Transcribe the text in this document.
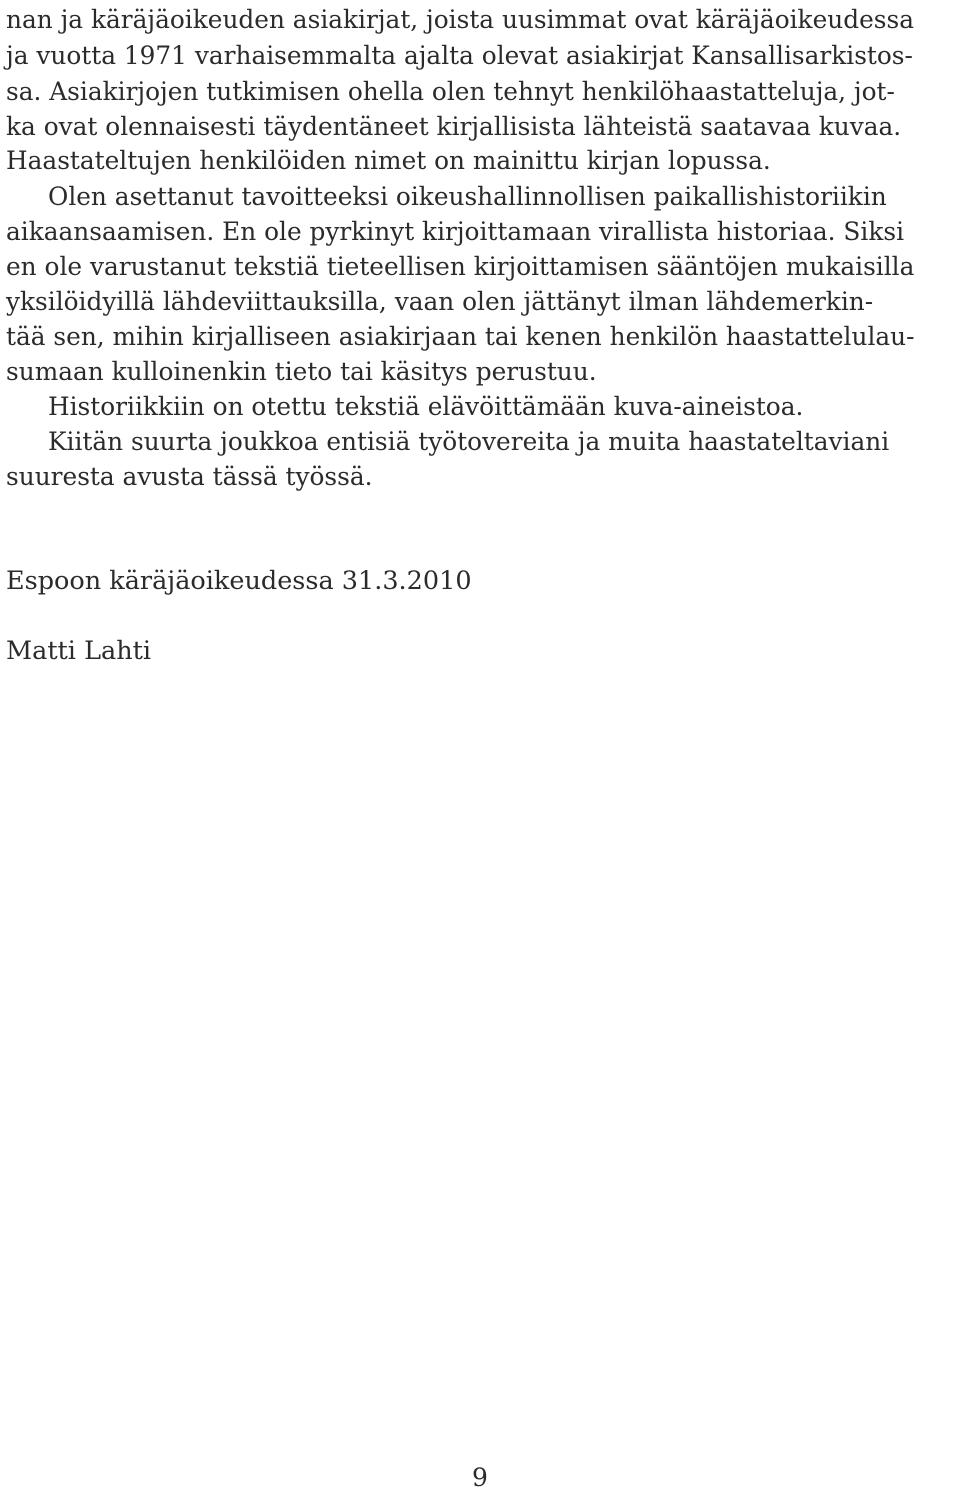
nan ja käräjäoikeuden asiakirjat, joista uusimmat ovat käräjäoikeudessa
ja vuotta 1971 varhaisemmalta ajalta olevat asiakirjat Kansallisarkistos-
sa. Asiakirjojen tutkimisen ohella olen tehnyt henkilöhaastatteluja, jot-
ka ovat olennaisesti täydentäneet kirjallisista lähteistä saatavaa kuvaa.
Haastateltujen henkilöiden nimet on mainittu kirjan lopussa.
Olen asettanut tavoitteeksi oikeushallinnollisen paikallishistoriikin
aikaansaamisen. En ole pyrkinyt kirjoittamaan virallista historiaa. Siksi
en ole varustanut tekstiä tieteellisen kirjoittamisen sääntöjen mukaisilla
yksilöidyillä lähdeviittauksilla, vaan olen jättänyt ilman lähdemerkin-
tää sen, mihin kirjalliseen asiakirjaan tai kenen henkilön haastattelulau-
sumaan kulloinenkin tieto tai käsitys perustuu.
Historiikkiin on otettu tekstiä elävöittämään kuva-aineistoa.
Kiitän suurta joukkoa entisiä työtovereita ja muita haastateltaviani
suuresta avusta tässä työssä.
Espoon käräjäoikeudessa 31.3.2010
Matti Lahti
9
